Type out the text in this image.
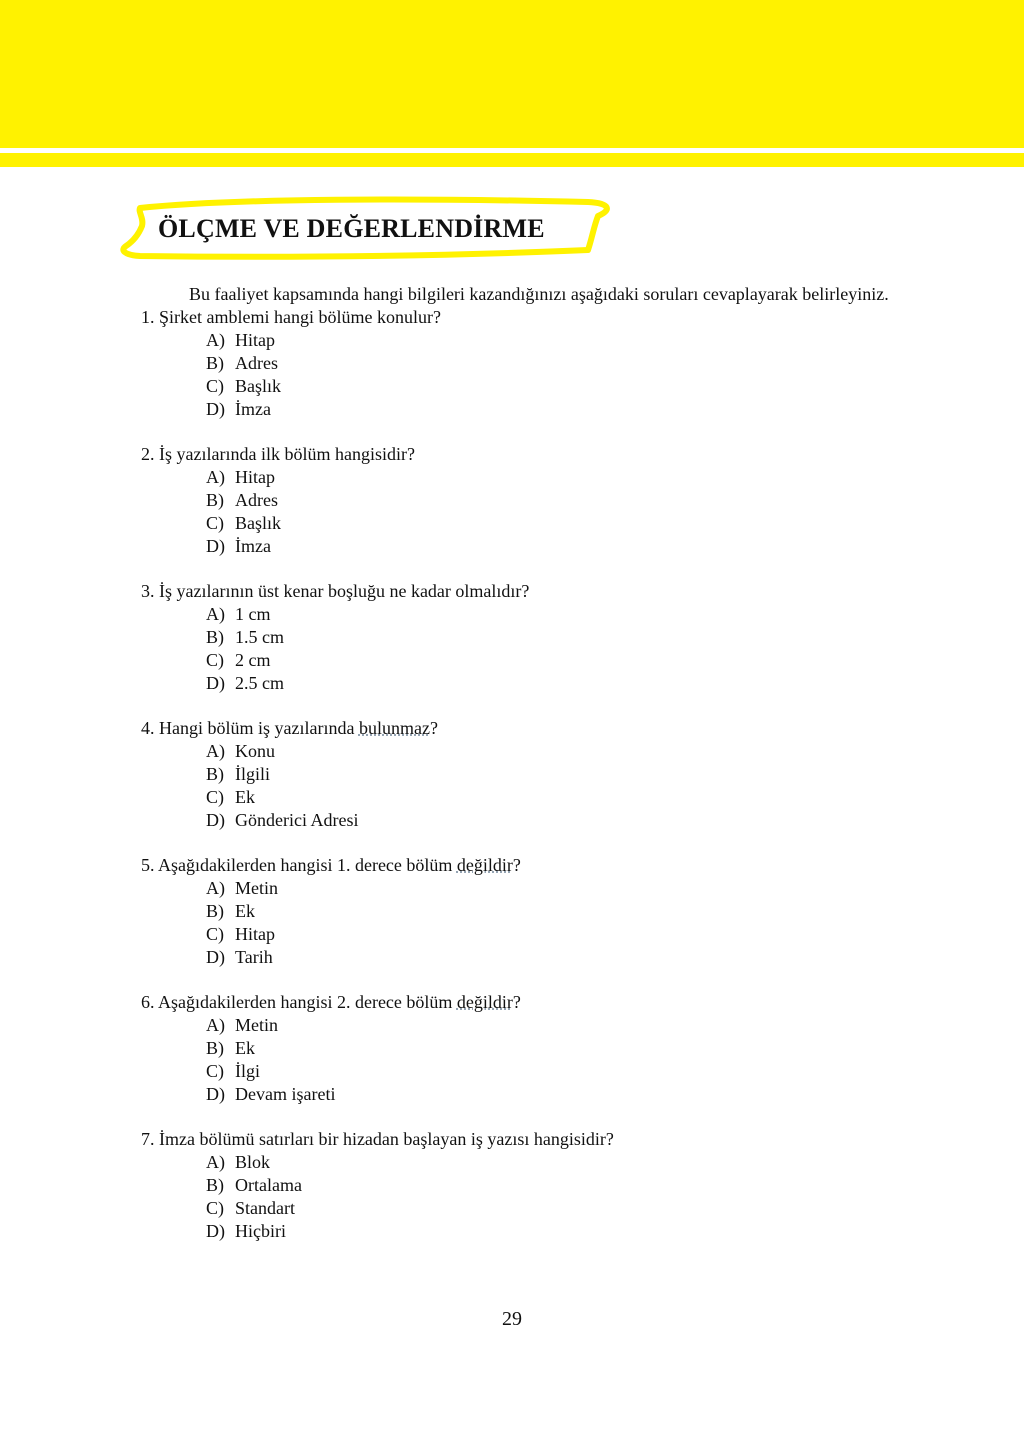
ÖLÇME VE DEĞERLENDİRME

Bu faaliyet kapsamında hangi bilgileri kazandığınızı aşağıdaki soruları cevaplayarak belirleyiniz.

1. Şirket amblemi hangi bölüme konulur?
A) Hitap
B) Adres
C) Başlık
D) İmza
2. İş yazılarında ilk bölüm hangisidir?
A) Hitap
B) Adres
C) Başlık
D) İmza
3. İş yazılarının üst kenar boşluğu ne kadar olmalıdır?
A) 1 cm
B) 1.5 cm
C) 2 cm
D) 2.5 cm
4. Hangi bölüm iş yazılarında bulunmaz?
A) Konu
B) İlgili
C) Ek
D) Gönderici Adresi
5. Aşağıdakilerden hangisi 1. derece bölüm değildir?
A) Metin
B) Ek
C) Hitap
D) Tarih
6. Aşağıdakilerden hangisi 2. derece bölüm değildir?
A) Metin
B) Ek
C) İlgi
D) Devam işareti
7. İmza bölümü satırları bir hizadan başlayan iş yazısı hangisidir?
A) Blok
B) Ortalama
C) Standart
D) Hiçbiri
29
